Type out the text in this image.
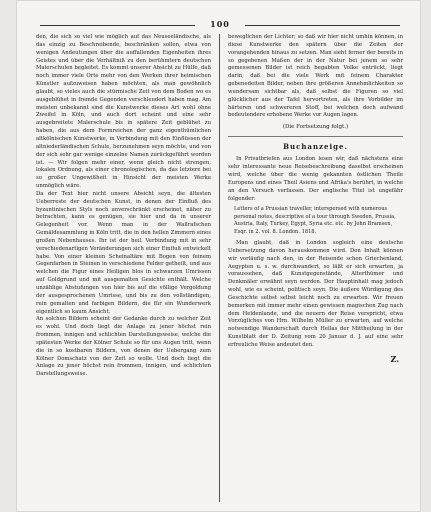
100

den, die sich so viel wie möglich auf das Neuseeländische, als das einzig zu Beschreibende, beschränken sollen, etwa von wenigen Andeutungen über die auffallenden Eigenheiten ihres Geistes und über die Verhältniß zu den berühmtern deutschen Malerschulen begleitet. Es kommt unserer Absicht zu Hülfe, daß noch immer viele Orte mehr von den Werken ihrer heimischen Künstler aufzuweisen haben möchten, als man gewöhnlich glaubt, so vieles auch die stürmische Zeit von dem Boden wo es ausgeblühet in fremde Gegenden verschleudert haben mag. Am meisten unbekannt sind die Kunstwerke dieses Art wohl ohne Zweifel in Köln, und auch dort scheint und eine sehr ausgebreitete Malerschule bis in spätere Zeit geblühet zu haben, die aus dem Formreichen der ganz eigenthümlichen altkölnischen Kunstwerke, in Verbindung mit den Einflüssen der altniederländischen Schule, herzunehmen seyn möchte, und von der sich sehr gar wenige einzelne Namen zurückgeführt worden ist. — Wir folgen mehr einer, wenn gleich nicht strengen, lokalen Ordnung, als einer chronologischen, da das letztere bei so großer Ungewißheit in Hinsicht der meisten Werke unmöglich wäre.
Da der Text hier nicht unsere Absicht seyn, die ältesten Ueberreste der deutschen Kunst, in denen der Einfluß des byzantinischen Styls noch unverschränkt erscheinet, näher zu betrachten, kann es genügen, sie hier und da in unserer Gelegenheit vor. Wenn man in der Wallrafschen Gemäldesammlung in Köln tritt, die in den hellen Zimmern eines großen Nebenhauses. Ihr ist der heil. Verbindung mit in sehr verschiedenartigen Veränderungen sich einer Einfluß entwickelt habe. Von einer kleinen Scheinaltäre mit Bogen von feinem Gegenfarben in Steinen in verschiedene Felder getheilt, und aus welchen die Figur eines Heiligen blos in schwarzen Umrissen auf Goldgrund und mit ausgemalten Gesichte enthält. Welche unzählige Abstufungen von hier bis auf die völlige Vergoldung der ausgesprochenen Umrisse, und bis zu den vollständigen, rein gemalten und farbigen Bildern, die für ein Wunderwerk eigentlich so kaum Ansicht.
An solchen Bildern scheint der Gedanke durch zu welcher Zeit es wohl. Und doch liegt die Anlage zu jener höchst rein frommen, innigen und schlichten Darstellungsweise, welche die spätesten Werke der Kölner Schule so für uns Augen tritt, wenn die in so kostbaren Bildern, von denen der Uebergang zum Kölner Domschatz von der Zeit so wolle. Und doch liegt die Anlage zu jener höchst rein frommen, innigen, und schlichten Darstellungsweise.

beweglichen der Lichter; so daß wir hier nicht umhin können, in diese Kunstwerke den spätern über die Zeiten der vorangehenden hinaus zu setzen. Man sieht ferner der bereits in so gegebenen Maßen der in der Natur bei jenem so sehr gemessenen Bilder ist reich begabten Volke entrückt, liegt darin, daß bei die viele Werk mit feinem Charakter gebenedeiten Bilder, neben ihre größeren Annehmlichkeiten so wundersam sichtbar als, daß selbst die Figuren so viel glücklicher aus der Tafel hervortreten, als ihre Vorbilder im härteren und schwereren Stoff, bei welchen doch aufwand bedeutendere erhobene Werke vor Augen lagen.

(Die Fortsetzung folgt.)
Buchanzeige.

In Privatbriefen aus London lesen wir, daß nächstens eine sehr interessante neue Reisebeschreibung daselbst erscheinen wird, welche über die wenig gekannten östlichen Theile Europens und eines Theil Asiens und Afrika's berührt, in welche an den Versuch verfassen. Der englische Titel ist ungefähr folgender:

Letters of a Prussian traveller, interspersed with numerous personal notes, descriptive of a tour through Sweden, Prussia, Austria, Italy, Turkey, Egypt, Syria etc. etc. by John Bramsen, Esqr. in 2. vol. 8. London. 1818.

Man glaubt, daß in London sogleich eine deutsche Uebersetzung davon herauskommen wird. Den Inhalt können wir vorläufig nach den, in der Reisende schon Griechenland, Aegypten u. s. w. durchwandert, so läßt er sich erwarten, ja voraussehen, daß Kunstgegenstände, Alterthümer und Denkmäler erwähnt seyn werden. Der Hauptinhalt mag jedoch wohl, wie es scheint, politisch seyn. Die äußere Würdigung des Geschichte selbst selbst leicht noch zu erwarten. Wir freuen bemerken mit immer mehr einen gewissen magischen Zug nach dem Heldenlande, und die neuern der Reise verspricht, etwa Vorzügliches von Hrn. Wilhelm Müller zu erwarten, auf welche notwendige Wanderschaft durch Hellas der Mittheilung in der Kunstblatt der D. Zeitung vom 20 Januar d. J. auf eine sehr erfreuliche Weise andeutet den.

Z.
